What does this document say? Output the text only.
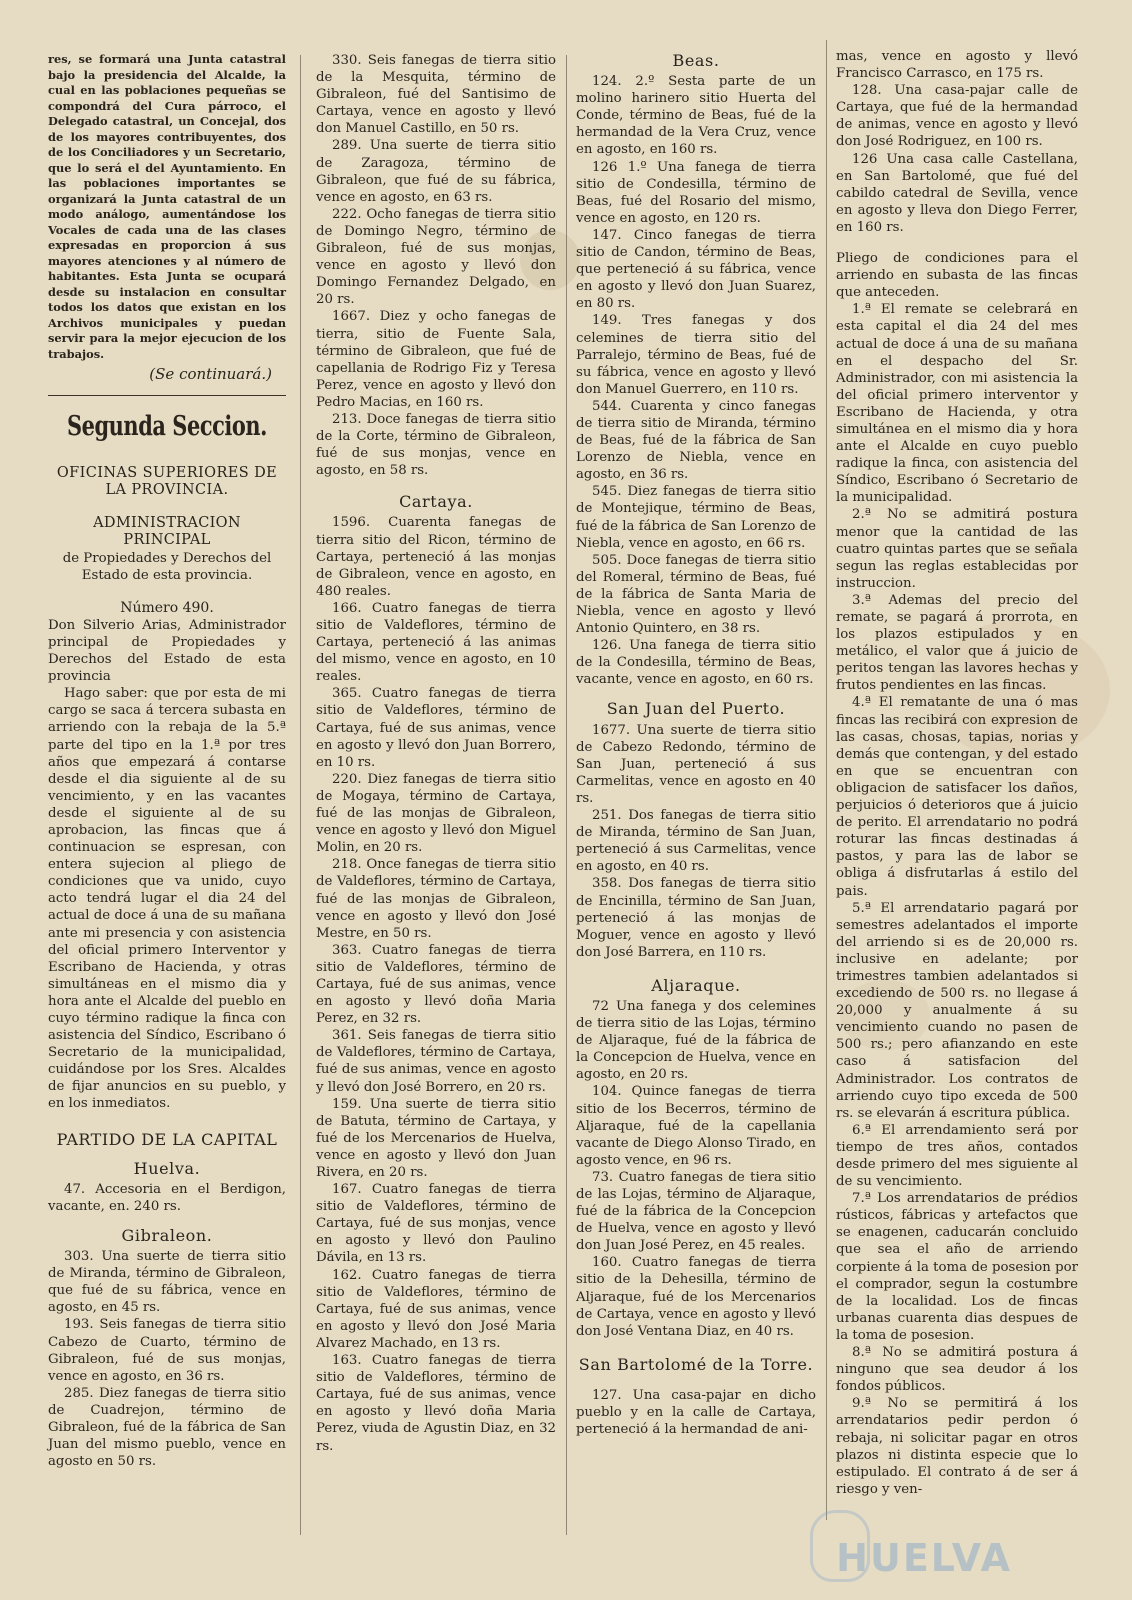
res, se formará una Junta catastral bajo la presidencia del Alcalde, la cual en las poblaciones pequeñas se compondrá del Cura párroco, el Delegado catastral, un Concejal, dos de los mayores contribuyentes, dos de los Conciliadores y un Secretario, que lo será el del Ayuntamiento. En las poblaciones importantes se organizará la Junta catastral de un modo análogo, aumentándose los Vocales de cada una de las clases expresadas en proporcion á sus mayores atenciones y al número de habitantes. Esta Junta se ocupará desde su instalacion en consultar todos los datos que existan en los Archivos municipales y puedan servir para la mejor ejecucion de los trabajos.

(Se continuará.)

Segunda Seccion.
OFICINAS SUPERIORES DE LA PROVINCIA.
ADMINISTRACION PRINCIPAL
de Propiedades y Derechos del Estado de esta provincia.
Número 490.

Don Silverio Arias, Administrador principal de Propiedades y Derechos del Estado de esta provincia

Hago saber: que por esta de mi cargo se saca á tercera subasta en arriendo con la rebaja de la 5.ª parte del tipo en la 1.ª por tres años que empezará á contarse desde el dia siguiente al de su vencimiento, y en las vacantes desde el siguiente al de su aprobacion, las fincas que á continuacion se espresan, con entera sujecion al pliego de condiciones que va unido, cuyo acto tendrá lugar el dia 24 del actual de doce á una de su mañana ante mi presencia y con asistencia del oficial primero Interventor y Escribano de Hacienda, y otras simultáneas en el mismo dia y hora ante el Alcalde del pueblo en cuyo término radique la finca con asistencia del Síndico, Escribano ó Secretario de la municipalidad, cuidándose por los Sres. Alcaldes de fijar anuncios en su pueblo, y en los inmediatos.

PARTIDO DE LA CAPITAL
Huelva.

47. Accesoria en el Berdigon, vacante, en. 240 rs.

Gibraleon.

303. Una suerte de tierra sitio de Miranda, término de Gibraleon, que fué de su fábrica, vence en agosto, en 45 rs.

193. Seis fanegas de tierra sitio Cabezo de Cuarto, término de Gibraleon, fué de sus monjas, vence en agosto, en 36 rs.

285. Diez fanegas de tierra sitio de Cuadrejon, término de Gibraleon, fué de la fábrica de San Juan del mismo pueblo, vence en agosto en 50 rs.

330. Seis fanegas de tierra sitio de la Mesquita, término de Gibraleon, fué del Santisimo de Cartaya, vence en agosto y llevó don Manuel Castillo, en 50 rs.

289. Una suerte de tierra sitio de Zaragoza, término de Gibraleon, que fué de su fábrica, vence en agosto, en 63 rs.

222. Ocho fanegas de tierra sitio de Domingo Negro, término de Gibraleon, fué de sus monjas, vence en agosto y llevó don Domingo Fernandez Delgado, en 20 rs.

1667. Diez y ocho fanegas de tierra, sitio de Fuente Sala, término de Gibraleon, que fué de capellania de Rodrigo Fiz y Teresa Perez, vence en agosto y llevó don Pedro Macias, en 160 rs.

213. Doce fanegas de tierra sitio de la Corte, término de Gibraleon, fué de sus monjas, vence en agosto, en 58 rs.

Cartaya.

1596. Cuarenta fanegas de tierra sitio del Ricon, término de Cartaya, perteneció á las monjas de Gibraleon, vence en agosto, en 480 reales.

166. Cuatro fanegas de tierra sitio de Valdeflores, término de Cartaya, perteneció á las animas del mismo, vence en agosto, en 10 reales.

365. Cuatro fanegas de tierra sitio de Valdeflores, término de Cartaya, fué de sus animas, vence en agosto y llevó don Juan Borrero, en 10 rs.

220. Diez fanegas de tierra sitio de Mogaya, término de Cartaya, fué de las monjas de Gibraleon, vence en agosto y llevó don Miguel Molin, en 20 rs.

218. Once fanegas de tierra sitio de Valdeflores, término de Cartaya, fué de las monjas de Gibraleon, vence en agosto y llevó don José Mestre, en 50 rs.

363. Cuatro fanegas de tierra sitio de Valdeflores, término de Cartaya, fué de sus animas, vence en agosto y llevó doña Maria Perez, en 32 rs.

361. Seis fanegas de tierra sitio de Valdeflores, término de Cartaya, fué de sus animas, vence en agosto y llevó don José Borrero, en 20 rs.

159. Una suerte de tierra sitio de Batuta, término de Cartaya, y fué de los Mercenarios de Huelva, vence en agosto y llevó don Juan Rivera, en 20 rs.

167. Cuatro fanegas de tierra sitio de Valdeflores, término de Cartaya, fué de sus monjas, vence en agosto y llevó don Paulino Dávila, en 13 rs.

162. Cuatro fanegas de tierra sitio de Valdeflores, término de Cartaya, fué de sus animas, vence en agosto y llevó don José Maria Alvarez Machado, en 13 rs.

163. Cuatro fanegas de tierra sitio de Valdeflores, término de Cartaya, fué de sus animas, vence en agosto y llevó doña Maria Perez, viuda de Agustin Diaz, en 32 rs.

Beas.

124. 2.º Sesta parte de un molino harinero sitio Huerta del Conde, término de Beas, fué de la hermandad de la Vera Cruz, vence en agosto, en 160 rs.

126 1.º Una fanega de tierra sitio de Condesilla, término de Beas, fué del Rosario del mismo, vence en agosto, en 120 rs.

147. Cinco fanegas de tierra sitio de Candon, término de Beas, que perteneció á su fábrica, vence en agosto y llevó don Juan Suarez, en 80 rs.

149. Tres fanegas y dos celemines de tierra sitio del Parralejo, término de Beas, fué de su fábrica, vence en agosto y llevó don Manuel Guerrero, en 110 rs.

544. Cuarenta y cinco fanegas de tierra sitio de Miranda, término de Beas, fué de la fábrica de San Lorenzo de Niebla, vence en agosto, en 36 rs.

545. Diez fanegas de tierra sitio de Montejique, término de Beas, fué de la fábrica de San Lorenzo de Niebla, vence en agosto, en 66 rs.

505. Doce fanegas de tierra sitio del Romeral, término de Beas, fué de la fábrica de Santa Maria de Niebla, vence en agosto y llevó Antonio Quintero, en 38 rs.

126. Una fanega de tierra sitio de la Condesilla, término de Beas, vacante, vence en agosto, en 60 rs.

San Juan del Puerto.

1677. Una suerte de tierra sitio de Cabezo Redondo, término de San Juan, perteneció á sus Carmelitas, vence en agosto en 40 rs.

251. Dos fanegas de tierra sitio de Miranda, término de San Juan, perteneció á sus Carmelitas, vence en agosto, en 40 rs.

358. Dos fanegas de tierra sitio de Encinilla, término de San Juan, perteneció á las monjas de Moguer, vence en agosto y llevó don José Barrera, en 110 rs.

Aljaraque.

72 Una fanega y dos celemines de tierra sitio de las Lojas, término de Aljaraque, fué de la fábrica de la Concepcion de Huelva, vence en agosto, en 20 rs.

104. Quince fanegas de tierra sitio de los Becerros, término de Aljaraque, fué de la capellania vacante de Diego Alonso Tirado, en agosto vence, en 96 rs.

73. Cuatro fanegas de tiera sitio de las Lojas, término de Aljaraque, fué de la fábrica de la Concepcion de Huelva, vence en agosto y llevó don Juan José Perez, en 45 reales.

160. Cuatro fanegas de tierra sitio de la Dehesilla, término de Aljaraque, fué de los Mercenarios de Cartaya, vence en agosto y llevó don José Ventana Diaz, en 40 rs.

San Bartolomé de la Torre.

127. Una casa-pajar en dicho pueblo y en la calle de Cartaya, perteneció á la hermandad de ani-

mas, vence en agosto y llevó Francisco Carrasco, en 175 rs.

128. Una casa-pajar calle de Cartaya, que fué de la hermandad de animas, vence en agosto y llevó don José Rodriguez, en 100 rs.

126 Una casa calle Castellana, en San Bartolomé, que fué del cabildo catedral de Sevilla, vence en agosto y lleva don Diego Ferrer, en 160 rs.

Pliego de condiciones para el arriendo en subasta de las fincas que anteceden.

1.ª El remate se celebrará en esta capital el dia 24 del mes actual de doce á una de su mañana en el despacho del Sr. Administrador, con mi asistencia la del oficial primero interventor y Escribano de Hacienda, y otra simultánea en el mismo dia y hora ante el Alcalde en cuyo pueblo radique la finca, con asistencia del Síndico, Escribano ó Secretario de la municipalidad.

2.ª No se admitirá postura menor que la cantidad de las cuatro quintas partes que se señala segun las reglas establecidas por instruccion.

3.ª Ademas del precio del remate, se pagará á prorrota, en los plazos estipulados y en metálico, el valor que á juicio de peritos tengan las lavores hechas y frutos pendientes en las fincas.

4.ª El rematante de una ó mas fincas las recibirá con expresion de las casas, chosas, tapias, norias y demás que contengan, y del estado en que se encuentran con obligacion de satisfacer los daños, perjuicios ó deterioros que á juicio de perito. El arrendatario no podrá roturar las fincas destinadas á pastos, y para las de labor se obliga á disfrutarlas á estilo del pais.

5.ª El arrendatario pagará por semestres adelantados el importe del arriendo si es de 20,000 rs. inclusive en adelante; por trimestres tambien adelantados si excediendo de 500 rs. no llegase á 20,000 y anualmente á su vencimiento cuando no pasen de 500 rs.; pero afianzando en este caso á satisfacion del Administrador. Los contratos de arriendo cuyo tipo exceda de 500 rs. se elevarán á escritura pública.

6.ª El arrendamiento será por tiempo de tres años, contados desde primero del mes siguiente al de su vencimiento.

7.ª Los arrendatarios de prédios rústicos, fábricas y artefactos que se enagenen, caducarán concluido que sea el año de arriendo corpiente á la toma de posesion por el comprador, segun la costumbre de la localidad. Los de fincas urbanas cuarenta dias despues de la toma de posesion.

8.ª No se admitirá postura á ninguno que sea deudor á los fondos públicos.

9.ª No se permitirá á los arrendatarios pedir perdon ó rebaja, ni solicitar pagar en otros plazos ni distinta especie que lo estipulado. El contrato á de ser á riesgo y ven-

HUELVA
